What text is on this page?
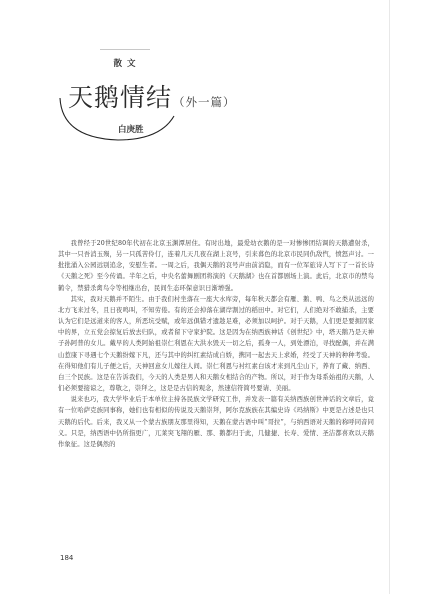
散 文
天鹅情结（外一篇）
白庚胜

我曾经于20世纪80年代初在北京玉渊潭居住。有时出地，最爱幼衣鹅的是一对惨惨团结调的天鹅遭射杀，其中一只吾消玉殒，另一只孤苦伶仃，连着几天几夜在湖上哀号，引来暮色的北京市民同仇敌忾，愤怒声讨。一批批涌入公园远别追念，安慰生者。一周之后，我偶天鹅的哀号声由前消隐，而有一位军旅诗人写下了一首长诗《天鹅之死》至今传诵。半年之后，中央名蕾舞剧团将演的《天鹅湖》也在首都剧场上演。此后，北京市的禁鸟鹤令，禁猎杀禽鸟令等相继出台，民间生态环保意识日渐增强。

其实，我对天鹅并不陌生。由于我们村坐落在一座大水库旁，每年秋天都会有雁、鹅、鸭、鸟之类从远远的北方飞来过冬，且日夜鸣叫，不知劳倦。有的还会掉落在湖岸割过的稻田中。对它们，人们绝对不敢捕杀，主要认为它们是远道来的客人，所恶坑受赋，或年远俱错才遗趁足难，必须加以呵护。对于天鹅，人们更是要拥因家中的界，立五党会掠复后放去归队，或者留下守家护院。这是因为在纳西族神话《创世纪》中，塔天鹅乃是天神子孙阿普的女儿。戴早的人类阿始祖崇仁利恩在大洪水毁天一切之后，孤身一人，到处漂泊，寻找配偶，并在满山惹康下寻遇七个天鹅纷嫁下凡，还与其中的纠红素结成自娇，携同一起去天上求婚，经受了天神的种种考验。在得知他们有儿子便之后，天神回意女儿嫁往人间。崇仁利恩与衬红素白该才来到凡尘山下，养育了藏、纳西、白三个民族。这是在告诉我们，今天的人类是男人和天鹅女相结合的产物。所以，对于作为母系始祖的天鹅，人们必须要接谅之，尊敬之，崇拜之，这是是古信的观念，然速信符简号要请、美丽。

说来也巧，我大学毕业后于本单位主持各民族文学研究工作，并发表一篇有关纳西族创世神话的文章后，竟有一位哈萨克族同事称，她们也有相似的传说及天鹅崇拜，阿尔克族族在其编史诗《玛纳斯》中更是占述是也只天鹅的后代。后来，我又从一个蒙古族朋友那里得知，天鹅在蒙古语中叫“哥拉”，与纳西语对天鹅的称呼同音同义。只是，纳西语中仍所指更广，兀莱突飞翔的雁、那、鹅都归于此，几健捷、长寿、爱情、圣洁都喜欢以天鹅作象征。这是偶然的

184
